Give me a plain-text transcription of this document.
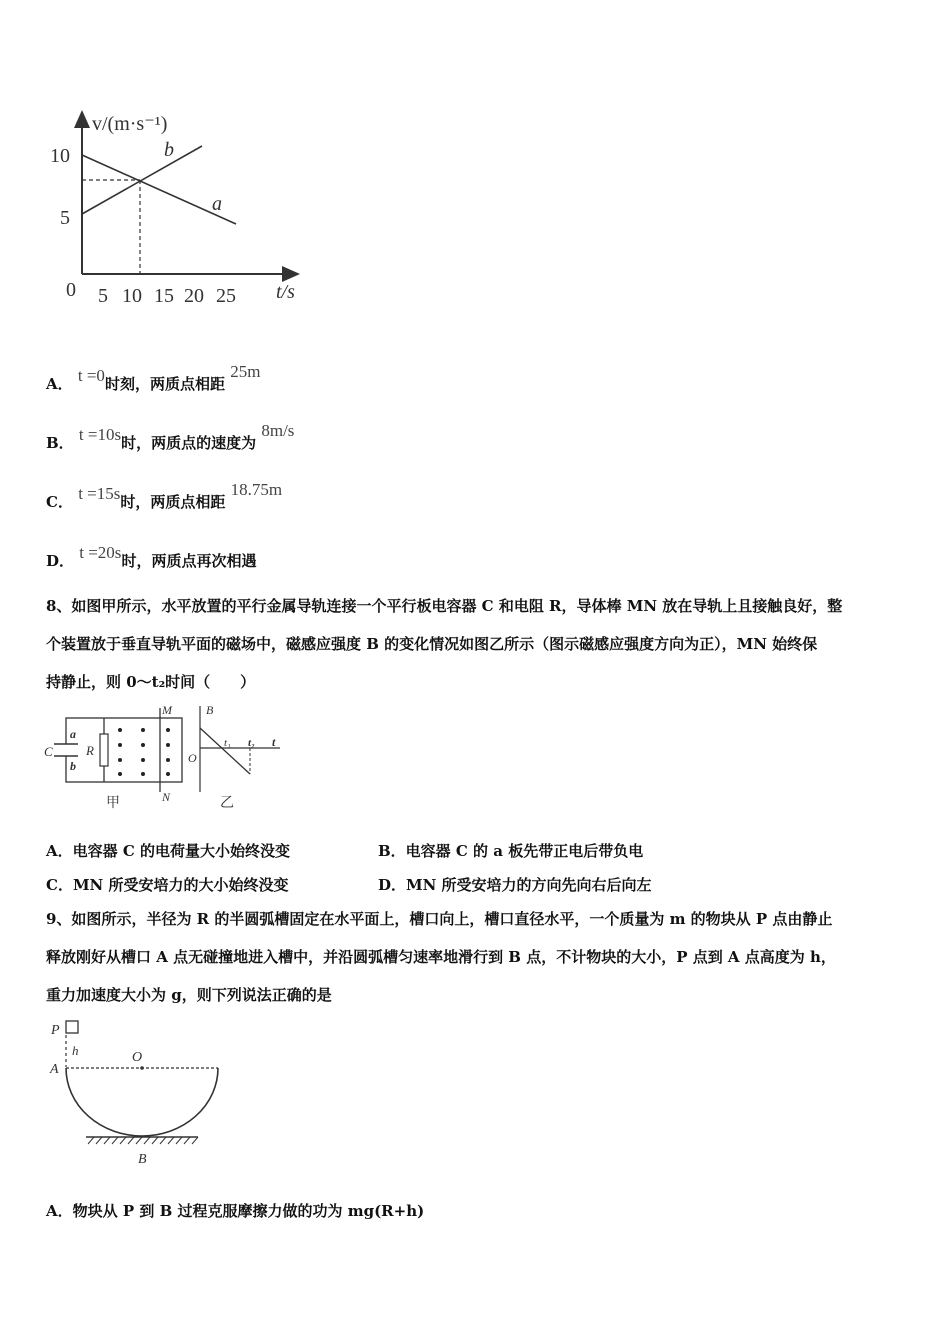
v/(m·s⁻¹)
10
5
0 5 10 15 20 25 t/s
b
a
A． t =0时刻，两质点相距 25m
B． t =10s时，两质点的速度为 8m/s
C． t =15s时，两质点相距 18.75m
D． t =20s时，两质点再次相遇
8、如图甲所示，水平放置的平行金属导轨连接一个平行板电容器 C 和电阻 R，导体棒 MN 放在导轨上且接触良好，整
个装置放于垂直导轨平面的磁场中，磁感应强度 B 的变化情况如图乙所示（图示磁感应强度方向为正），MN 始终保
持静止，则 0～t₂时间（　　）
C
a
b
R
M
N
甲
B
O
t₁ t₂ t
乙
A．电容器 C 的电荷量大小始终没变	B．电容器 C 的 a 板先带正电后带负电
C．MN 所受安培力的大小始终没变	D．MN 所受安培力的方向先向右后向左
9、如图所示，半径为 R 的半圆弧槽固定在水平面上，槽口向上，槽口直径水平，一个质量为 m 的物块从 P 点由静止
释放刚好从槽口 A 点无碰撞地进入槽中，并沿圆弧槽匀速率地滑行到 B 点，不计物块的大小，P 点到 A 点高度为 h，
重力加速度大小为 g，则下列说法正确的是
P
h	O
A
B
A．物块从 P 到 B 过程克服摩擦力做的功为 mg(R+h)
